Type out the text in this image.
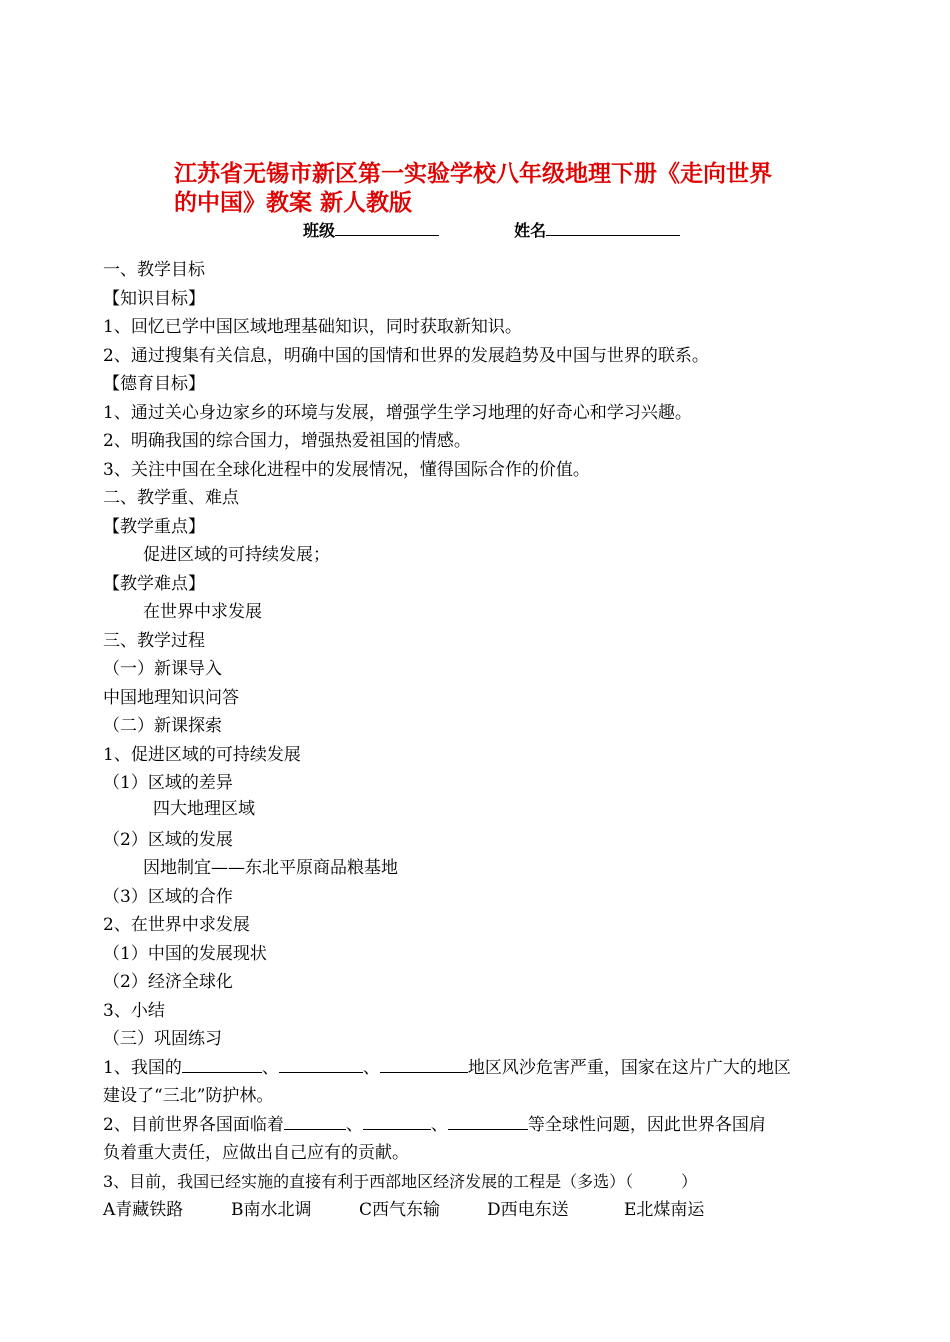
江苏省无锡市新区第一实验学校八年级地理下册《走向世界
的中国》教案 新人教版
班级	姓名
一、教学目标
【知识目标】
1、回忆已学中国区域地理基础知识，同时获取新知识。
2、通过搜集有关信息，明确中国的国情和世界的发展趋势及中国与世界的联系。
【德育目标】
1、通过关心身边家乡的环境与发展，增强学生学习地理的好奇心和学习兴趣。
2、明确我国的综合国力，增强热爱祖国的情感。
3、关注中国在全球化进程中的发展情况，懂得国际合作的价值。
二、教学重、难点
【教学重点】
促进区域的可持续发展；
【教学难点】
在世界中求发展
三、教学过程
（一）新课导入
中国地理知识问答
（二）新课探索
1、促进区域的可持续发展
（1）区域的差异
四大地理区域
（2）区域的发展
因地制宜——东北平原商品粮基地
（3）区域的合作
2、在世界中求发展
（1）中国的发展现状
（2）经济全球化
3、小结
（三）巩固练习
1、我国的	、	、	地区风沙危害严重，国家在这片广大的地区
建设了“三北”防护林。
2、目前世界各国面临着	、	、	等全球性问题，因此世界各国肩
负着重大责任，应做出自己应有的贡献。
3、目前，我国已经实施的直接有利于西部地区经济发展的工程是（多选）（　　　）
A青藏铁路	B南水北调	C西气东输	D西电东送	E北煤南运
